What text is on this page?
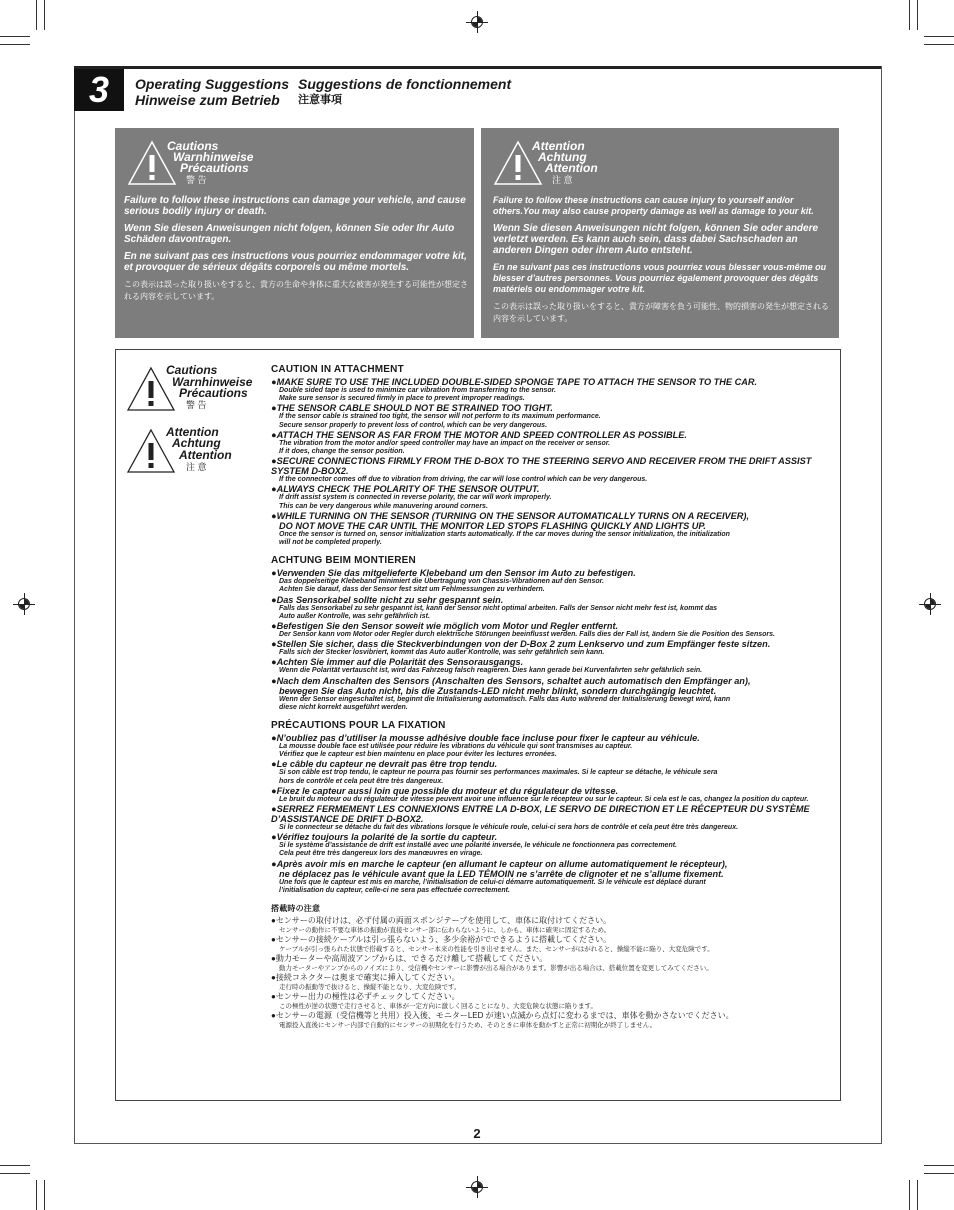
3	Operating Suggestions Suggestions de fonctionnement
Hinweise zum Betrieb 注意事項
Cautions
Warnhinweise
Précautions
警 告

Failure to follow these instructions can damage your vehicle, and cause serious bodily injury or death.

Wenn Sie diesen Anweisungen nicht folgen, können Sie oder Ihr Auto Schäden davontragen.

En ne suivant pas ces instructions vous pourriez endommager votre kit, et provoquer de sérieux dégâts corporels ou même mortels.

この表示は誤った取り扱いをすると、貴方の生命や身体に重大な被害が発生する可能性が想定される内容を示しています。

Attention
Achtung
Attention
注 意

Failure to follow these instructions can cause injury to yourself and/or others.You may also cause property damage as well as damage to your kit.

Wenn Sie diesen Anweisungen nicht folgen, können Sie oder andere verletzt werden. Es kann auch sein, dass dabei Sachschaden an anderen Dingen oder ihrem Auto entsteht.

En ne suivant pas ces instructions vous pourriez vous blesser vous-même ou blesser d’autres personnes. Vous pourriez également provoquer des dégâts matériels ou endommager votre kit.

この表示は誤った取り扱いをすると、貴方が障害を負う可能性、物的損害の発生が想定される内容を示しています。

Cautions
Warnhinweise
Précautions
警 告
Attention
Achtung
Attention
注 意
CAUTION IN ATTACHMENT
●MAKE SURE TO USE THE INCLUDED DOUBLE-SIDED SPONGE TAPE TO ATTACH THE SENSOR TO THE CAR.
Double sided tape is used to minimize car vibration from transferring to the sensor.
Make sure sensor is secured firmly in place to prevent improper readings.
●THE SENSOR CABLE SHOULD NOT BE STRAINED TOO TIGHT.
If the sensor cable is strained too tight, the sensor will not perform to its maximum performance.
Secure sensor properly to prevent loss of control, which can be very dangerous.
●ATTACH THE SENSOR AS FAR FROM THE MOTOR AND SPEED CONTROLLER AS POSSIBLE.
The vibration from the motor and/or speed controller may have an impact on the receiver or sensor.
If it does, change the sensor position.
●SECURE CONNECTIONS FIRMLY FROM THE D-BOX TO THE STEERING SERVO AND RECEIVER FROM THE DRIFT ASSIST SYSTEM D-BOX2.
If the connector comes off due to vibration from driving, the car will lose control which can be very dangerous.
●ALWAYS CHECK THE POLARITY OF THE SENSOR OUTPUT.
If drift assist system is connected in reverse polarity, the car will work improperly.
This can be very dangerous while manuvering around corners.
●WHILE TURNING ON THE SENSOR (TURNING ON THE SENSOR AUTOMATICALLY TURNS ON A RECEIVER),
DO NOT MOVE THE CAR UNTIL THE MONITOR LED STOPS FLASHING QUICKLY AND LIGHTS UP.
Once the sensor is turned on, sensor initialization starts automatically. If the car moves during the sensor initialization, the initialization
will not be completed properly.
ACHTUNG BEIM MONTIEREN
●Verwenden Sie das mitgelieferte Klebeband um den Sensor im Auto zu befestigen.
Das doppelseitige Klebeband minimiert die Übertragung von Chassis-Vibrationen auf den Sensor.
Achten Sie darauf, dass der Sensor fest sitzt um Fehlmessungen zu verhindern.
●Das Sensorkabel sollte nicht zu sehr gespannt sein.
Falls das Sensorkabel zu sehr gespannt ist, kann der Sensor nicht optimal arbeiten. Falls der Sensor nicht mehr fest ist, kommt das
Auto außer Kontrolle, was sehr gefährlich ist.
●Befestigen Sie den Sensor soweit wie möglich vom Motor und Regler entfernt.
Der Sensor kann vom Motor oder Regler durch elektrische Störungen beeinflusst werden. Falls dies der Fall ist, ändern Sie die Position des Sensors.
●Stellen Sie sicher, dass die Steckverbindungen von der D-Box 2 zum Lenkservo und zum Empfänger feste sitzen.
Falls sich der Stecker losvibriert, kommt das Auto außer Kontrolle, was sehr gefährlich sein kann.
●Achten Sie immer auf die Polarität des Sensorausgangs.
Wenn die Polarität vertauscht ist, wird das Fahrzeug falsch reagieren. Dies kann gerade bei Kurvenfahrten sehr gefährlich sein.
●Nach dem Anschalten des Sensors (Anschalten des Sensors, schaltet auch automatisch den Empfänger an),
bewegen Sie das Auto nicht, bis die Zustands-LED nicht mehr blinkt, sondern durchgängig leuchtet.
Wenn der Sensor eingeschaltet ist, beginnt die Initialisierung automatisch. Falls das Auto während der Initialisierung bewegt wird, kann
diese nicht korrekt ausgeführt werden.
PRÉCAUTIONS POUR LA FIXATION
●N’oubliez pas d’utiliser la mousse adhésive double face incluse pour fixer le capteur au véhicule.
La mousse double face est utilisée pour réduire les vibrations du véhicule qui sont transmises au capteur.
Vérifiez que le capteur est bien maintenu en place pour éviter les lectures erronées.
●Le câble du capteur ne devrait pas être trop tendu.
Si son câble est trop tendu, le capteur ne pourra pas fournir ses performances maximales. Si le capteur se détache, le véhicule sera
hors de contrôle et cela peut être très dangereux.
●Fixez le capteur aussi loin que possible du moteur et du régulateur de vitesse.
Le bruit du moteur ou du régulateur de vitesse peuvent avoir une influence sur le récepteur ou sur le capteur. Si cela est le cas, changez la position du capteur.
●SERREZ FERMEMENT LES CONNEXIONS ENTRE LA D-BOX, LE SERVO DE DIRECTION ET LE RÉCEPTEUR DU SYSTÈME D’ASSISTANCE DE DRIFT D-BOX2.
Si le connecteur se détache du fait des vibrations lorsque le véhicule roule, celui-ci sera hors de contrôle et cela peut être très dangereux.
●Vérifiez toujours la polarité de la sortie du capteur.
Si le système d’assistance de drift est installé avec une polarité inversée, le véhicule ne fonctionnera pas correctement.
Cela peut être très dangereux lors des manœuvres en virage.
●Après avoir mis en marche le capteur (en allumant le capteur on allume automatiquement le récepteur),
ne déplacez pas le véhicule avant que la LED TÉMOIN ne s’arrête de clignoter et ne s’allume fixement.
Une fois que le capteur est mis en marche, l’initialisation de celui-ci démarre automatiquement. Si le véhicule est déplacé durant
l’initialisation du capteur, celle-ci ne sera pas effectuée correctement.
搭載時の注意
●センサーの取付けは、必ず付属の両面スポンジテープを使用して、車体に取付けてください。
センサーの動作に不要な車体の振動が直接センサー部に伝わらないように、しかも、車体に確実に固定するため。
●センサーの接続ケーブルは引っ張らないよう、多少余裕がでできるように搭載してください。
ケーブルが引っ張られた状態で搭載すると、センサー本来の性能を引き出せません。また、センサーがはがれると、操縦不能に陥り、大変危険です。
●動力モーターや高周波アンプからは、できるだけ離して搭載してください。
動力モーターやアンプからのノイズにより、受信機やセンサーに影響が出る場合があります。影響が出る場合は、搭載位置を変更してみてください。
●接続コネクターは奥まで確実に挿入してください。
走行時の振動等で抜けると、操縦不能となり、大変危険です。
●センサー出力の極性は必ずチェックしてください。
この極性が逆の状態で走行させると、車体が一定方向に激しく回ることになり、大変危険な状態に陥ります。
●センサーの電源（受信機等と共用）投入後、モニターLED が速い点滅から点灯に変わるまでは、車体を動かさないでください。
電源投入直後にセンサー内部で自動的にセンサーの初期化を行うため、そのときに車体を動かすと正常に初期化が終了しません。
2
